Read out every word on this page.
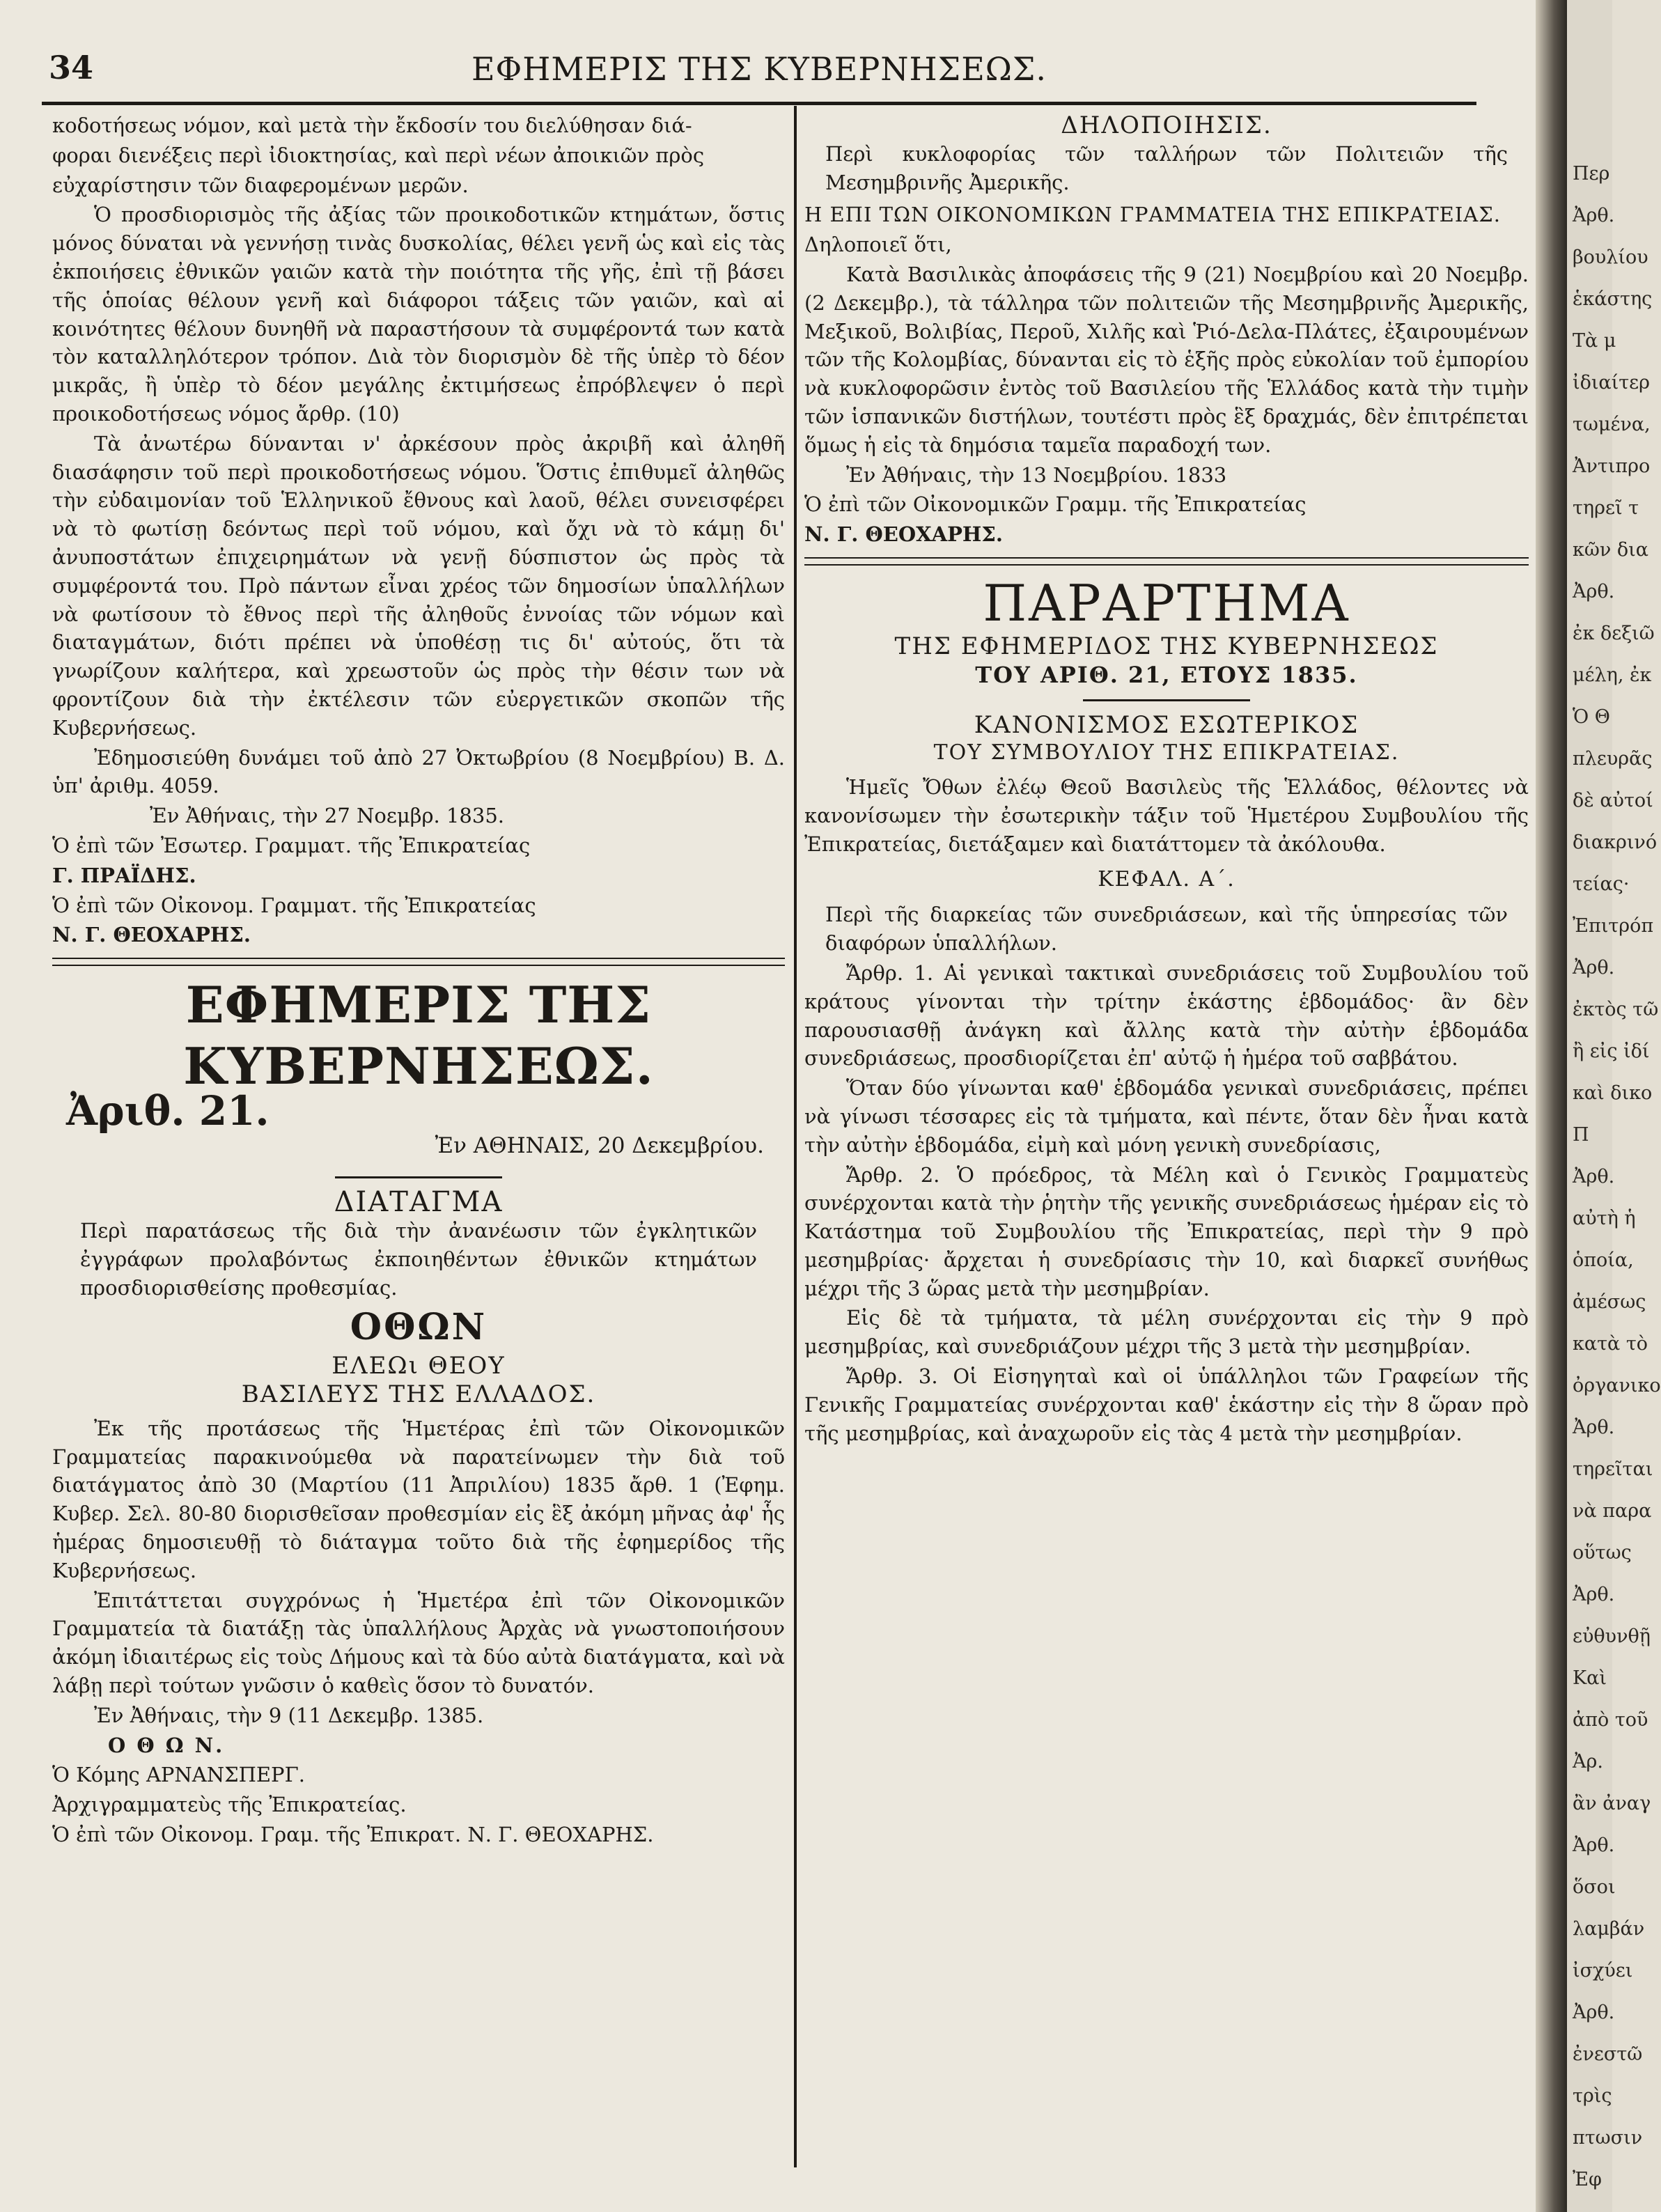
34	ΕΦΗΜΕΡΙΣ ΤΗΣ ΚΥΒΕΡΝΗΣΕΩΣ.

κοδοτήσεως νόμον, καὶ μετὰ τὴν ἔκδοσίν του διελύθησαν διά-

φοραι διενέξεις περὶ ἰδιοκτησίας, καὶ περὶ νέων ἀποικιῶν πρὸς

εὐχαρίστησιν τῶν διαφερομένων μερῶν.

Ὁ προσδιορισμὸς τῆς ἀξίας τῶν προικοδοτικῶν κτημάτων, ὅστις μόνος δύναται νὰ γεννήσῃ τινὰς δυσκολίας, θέλει γενῆ ὡς καὶ εἰς τὰς ἐκποιήσεις ἐθνικῶν γαιῶν κατὰ τὴν ποιότητα τῆς γῆς, ἐπὶ τῇ βάσει τῆς ὁποίας θέλουν γενῆ καὶ διάφοροι τάξεις τῶν γαιῶν, καὶ αἱ κοινότητες θέλουν δυνηθῆ νὰ παραστήσουν τὰ συμφέροντά των κατὰ τὸν καταλληλότερον τρόπον. Διὰ τὸν διορισμὸν δὲ τῆς ὑπὲρ τὸ δέον μικρᾶς, ἢ ὑπὲρ τὸ δέον μεγάλης ἐκτιμήσεως ἐπρόβλεψεν ὁ περὶ προικοδοτήσεως νόμος ἄρθρ. (10)

Τὰ ἀνωτέρω δύνανται ν' ἀρκέσουν πρὸς ἀκριβῆ καὶ ἀληθῆ διασάφησιν τοῦ περὶ προικοδοτήσεως νόμου. Ὅστις ἐπιθυμεῖ ἀληθῶς τὴν εὐδαιμονίαν τοῦ Ἑλληνικοῦ ἔθνους καὶ λαοῦ, θέλει συνεισφέρει νὰ τὸ φωτίσῃ δεόντως περὶ τοῦ νόμου, καὶ ὄχι νὰ τὸ κάμῃ δι' ἀνυποστάτων ἐπιχειρημάτων νὰ γενῇ δύσπιστον ὡς πρὸς τὰ συμφέροντά του. Πρὸ πάντων εἶναι χρέος τῶν δημοσίων ὑπαλλήλων νὰ φωτίσουν τὸ ἔθνος περὶ τῆς ἀληθοῦς ἐννοίας τῶν νόμων καὶ διαταγμάτων, διότι πρέπει νὰ ὑποθέσῃ τις δι' αὐτούς, ὅτι τὰ γνωρίζουν καλήτερα, καὶ χρεωστοῦν ὡς πρὸς τὴν θέσιν των νὰ φροντίζουν διὰ τὴν ἐκτέλεσιν τῶν εὐεργετικῶν σκοπῶν τῆς Κυβερνήσεως.

Ἐδημοσιεύθη δυνάμει τοῦ ἀπὸ 27 Ὀκτωβρίου (8 Νοεμβρίου) Β. Δ. ὑπ' ἀριθμ. 4059.

Ἐν Ἀθήναις, τὴν 27 Νοεμβρ. 1835.

Ὁ ἐπὶ τῶν Ἐσωτερ. Γραμματ. τῆς Ἐπικρατείας

Γ. ΠΡΑΪΔΗΣ.

Ὁ ἐπὶ τῶν Οἰκονομ. Γραμματ. τῆς Ἐπικρατείας

Ν. Γ. ΘΕΟΧΑΡΗΣ.

ΕΦΗΜΕΡΙΣ ΤΗΣ ΚΥΒΕΡΝΗΣΕΩΣ.
Ἀριθ. 21.
Ἐν ΑΘΗΝΑΙΣ, 20 Δεκεμβρίου.
ΔΙΑΤΑΓΜΑ

Περὶ παρατάσεως τῆς διὰ τὴν ἀνανέωσιν τῶν ἐγκλητικῶν ἐγγράφων προλαβόντως ἐκποιηθέντων ἐθνικῶν κτημάτων προσδιορισθείσης προθεσμίας.

ΟΘΩΝ
ΕΛΕΩι ΘΕΟΥ
ΒΑΣΙΛΕΥΣ ΤΗΣ ΕΛΛΑΔΟΣ.

Ἐκ τῆς προτάσεως τῆς Ἡμετέρας ἐπὶ τῶν Οἰκονομικῶν Γραμματείας παρακινούμεθα νὰ παρατείνωμεν τὴν διὰ τοῦ διατάγματος ἀπὸ 30 (Μαρτίου (11 Ἀπριλίου) 1835 ἄρθ. 1 (Ἐφημ. Κυβερ. Σελ. 80-80 διορισθεῖσαν προθεσμίαν εἰς ἓξ ἀκόμη μῆνας ἀφ' ἧς ἡμέρας δημοσιευθῇ τὸ διάταγμα τοῦτο διὰ τῆς ἐφημερίδος τῆς Κυβερνήσεως.

Ἐπιτάττεται συγχρόνως ἡ Ἡμετέρα ἐπὶ τῶν Οἰκονομικῶν Γραμματεία τὰ διατάξῃ τὰς ὑπαλλήλους Ἀρχὰς νὰ γνωστοποιήσουν ἀκόμη ἰδιαιτέρως εἰς τοὺς Δήμους καὶ τὰ δύο αὐτὰ διατάγματα, καὶ νὰ λάβῃ περὶ τούτων γνῶσιν ὁ καθεὶς ὅσον τὸ δυνατόν.

Ἐν Ἀθήναις, τὴν 9 (11 Δεκεμβρ. 1385.

Ο Θ Ω Ν.

Ὁ Κόμης ΑΡΝΑΝΣΠΕΡΓ.

Ἀρχιγραμματεὺς τῆς Ἐπικρατείας.

Ὁ ἐπὶ τῶν Οἰκονομ. Γραμ. τῆς Ἐπικρατ. Ν. Γ. ΘΕΟΧΑΡΗΣ.

ΔΗΛΟΠΟΙΗΣΙΣ.

Περὶ κυκλοφορίας τῶν ταλλήρων τῶν Πολιτειῶν τῆς Μεσημβρινῆς Ἀμερικῆς.

Η ΕΠΙ ΤΩΝ ΟΙΚΟΝΟΜΙΚΩΝ ΓΡΑΜΜΑΤΕΙΑ ΤΗΣ ΕΠΙΚΡΑΤΕΙΑΣ.

Δηλοποιεῖ ὅτι,

Κατὰ Βασιλικὰς ἀποφάσεις τῆς 9 (21) Νοεμβρίου καὶ 20 Νοεμβρ. (2 Δεκεμβρ.), τὰ τάλληρα τῶν πολιτειῶν τῆς Μεσημβρινῆς Ἀμερικῆς, Μεξικοῦ, Βολιβίας, Περοῦ, Χιλῆς καὶ Ῥιό-Δελα-Πλάτες, ἐξαιρουμένων τῶν τῆς Κολομβίας, δύνανται εἰς τὸ ἑξῆς πρὸς εὐκολίαν τοῦ ἐμπορίου νὰ κυκλοφορῶσιν ἐντὸς τοῦ Βασιλείου τῆς Ἑλλάδος κατὰ τὴν τιμὴν τῶν ἱσπανικῶν διστήλων, τουτέστι πρὸς ἓξ δραχμάς, δὲν ἐπιτρέπεται ὅμως ἡ εἰς τὰ δημόσια ταμεῖα παραδοχή των.

Ἐν Ἀθήναις, τὴν 13 Νοεμβρίου. 1833

Ὁ ἐπὶ τῶν Οἰκονομικῶν Γραμμ. τῆς Ἐπικρατείας

Ν. Γ. ΘΕΟΧΑΡΗΣ.

ΠΑΡΑΡΤΗΜΑ
ΤΗΣ ΕΦΗΜΕΡΙΔΟΣ ΤΗΣ ΚΥΒΕΡΝΗΣΕΩΣ
ΤΟΥ ΑΡΙΘ. 21, ΕΤΟΥΣ 1835.
ΚΑΝΟΝΙΣΜΟΣ ΕΣΩΤΕΡΙΚΟΣ
ΤΟΥ ΣΥΜΒΟΥΛΙΟΥ ΤΗΣ ΕΠΙΚΡΑΤΕΙΑΣ.

Ἡμεῖς Ὄθων ἐλέῳ Θεοῦ Βασιλεὺς τῆς Ἑλλάδος, θέλοντες νὰ κανονίσωμεν τὴν ἐσωτερικὴν τάξιν τοῦ Ἡμετέρου Συμβουλίου τῆς Ἐπικρατείας, διετάξαμεν καὶ διατάττομεν τὰ ἀκόλουθα.

ΚΕΦΑΛ. Α΄.

Περὶ τῆς διαρκείας τῶν συνεδριάσεων, καὶ τῆς ὑπηρεσίας τῶν διαφόρων ὑπαλλήλων.

Ἄρθρ. 1. Αἱ γενικαὶ τακτικαὶ συνεδριάσεις τοῦ Συμβουλίου τοῦ κράτους γίνονται τὴν τρίτην ἑκάστης ἑβδομάδος· ἂν δὲν παρουσιασθῇ ἀνάγκη καὶ ἄλλης κατὰ τὴν αὐτὴν ἑβδομάδα συνεδριάσεως, προσδιορίζεται ἐπ' αὐτῷ ἡ ἡμέρα τοῦ σαββάτου.

Ὅταν δύο γίνωνται καθ' ἑβδομάδα γενικαὶ συνεδριάσεις, πρέπει νὰ γίνωσι τέσσαρες εἰς τὰ τμήματα, καὶ πέντε, ὅταν δὲν ἦναι κατὰ τὴν αὐτὴν ἑβδομάδα, εἰμὴ καὶ μόνη γενικὴ συνεδρίασις,

Ἄρθρ. 2. Ὁ πρόεδρος, τὰ Μέλη καὶ ὁ Γενικὸς Γραμματεὺς συνέρχονται κατὰ τὴν ῥητὴν τῆς γενικῆς συνεδριάσεως ἡμέραν εἰς τὸ Κατάστημα τοῦ Συμβουλίου τῆς Ἐπικρατείας, περὶ τὴν 9 πρὸ μεσημβρίας· ἄρχεται ἡ συνεδρίασις τὴν 10, καὶ διαρκεῖ συνήθως μέχρι τῆς 3 ὥρας μετὰ τὴν μεσημβρίαν.

Εἰς δὲ τὰ τμήματα, τὰ μέλη συνέρχονται εἰς τὴν 9 πρὸ μεσημβρίας, καὶ συνεδριάζουν μέχρι τῆς 3 μετὰ τὴν μεσημβρίαν.

Ἄρθρ. 3. Οἱ Εἰσηγηταὶ καὶ οἱ ὑπάλληλοι τῶν Γραφείων τῆς Γενικῆς Γραμματείας συνέρχονται καθ' ἑκάστην εἰς τὴν 8 ὥραν πρὸ τῆς μεσημβρίας, καὶ ἀναχωροῦν εἰς τὰς 4 μετὰ τὴν μεσημβρίαν.

Περ
Ἀρθ.
βουλίου
ἑκάστης
Τὰ μ
ἰδιαίτερ
τωμένα,
Ἀντιπρο
τηρεῖ τ
κῶν δια
Ἀρθ.
ἐκ δεξιῶ
μέλη, ἐκ
Ὁ Θ
πλευρᾶς
δὲ αὐτοί
διακρινό
τείας·
Ἐπιτρόπ
Ἀρθ.
ἐκτὸς τῶ
ἢ εἰς ἰδί
καὶ δικο
Π
Ἀρθ.
αὐτὴ ἡ
ὁποία,
ἀμέσως
κατὰ τὸ
ὀργανικο
Ἀρθ.
τηρεῖται
νὰ παρα
οὕτως
Ἀρθ.
εὐθυνθῇ
Καὶ
ἀπὸ τοῦ
Ἀρ.
ἂν ἀναγ
Ἀρθ.
ὅσοι
λαμβάν
ἰσχύει
Ἀρθ.
ἐνεστῶ
τρὶς
πτωσιν
Ἐφ
